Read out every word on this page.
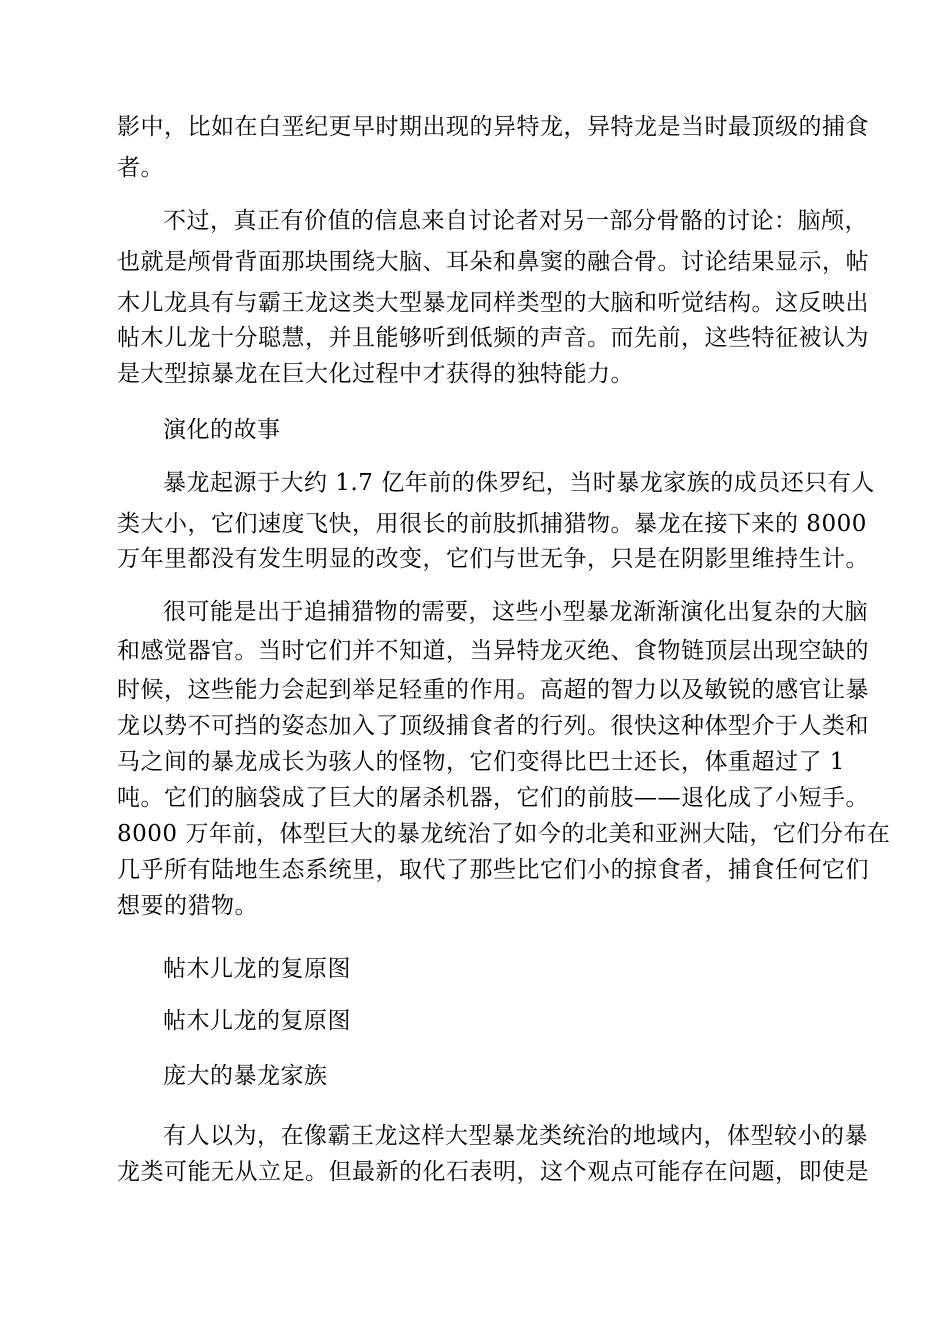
影中，比如在白垩纪更早时期出现的异特龙，异特龙是当时最顶级的捕食
者。
不过，真正有价值的信息来自讨论者对另一部分骨骼的讨论：脑颅，
也就是颅骨背面那块围绕大脑、耳朵和鼻窦的融合骨。讨论结果显示，帖
木儿龙具有与霸王龙这类大型暴龙同样类型的大脑和听觉结构。这反映出
帖木儿龙十分聪慧，并且能够听到低频的声音。而先前，这些特征被认为
是大型掠暴龙在巨大化过程中才获得的独特能力。
演化的故事
暴龙起源于大约 1.7 亿年前的侏罗纪，当时暴龙家族的成员还只有人
类大小，它们速度飞快，用很长的前肢抓捕猎物。暴龙在接下来的 8000
万年里都没有发生明显的改变，它们与世无争，只是在阴影里维持生计。
很可能是出于追捕猎物的需要，这些小型暴龙渐渐演化出复杂的大脑
和感觉器官。当时它们并不知道，当异特龙灭绝、食物链顶层出现空缺的
时候，这些能力会起到举足轻重的作用。高超的智力以及敏锐的感官让暴
龙以势不可挡的姿态加入了顶级捕食者的行列。很快这种体型介于人类和
马之间的暴龙成长为骇人的怪物，它们变得比巴士还长，体重超过了 1
吨。它们的脑袋成了巨大的屠杀机器，它们的前肢——退化成了小短手。
8000 万年前，体型巨大的暴龙统治了如今的北美和亚洲大陆，它们分布在
几乎所有陆地生态系统里，取代了那些比它们小的掠食者，捕食任何它们
想要的猎物。
帖木儿龙的复原图
帖木儿龙的复原图
庞大的暴龙家族
有人以为，在像霸王龙这样大型暴龙类统治的地域内，体型较小的暴
龙类可能无从立足。但最新的化石表明，这个观点可能存在问题，即使是
